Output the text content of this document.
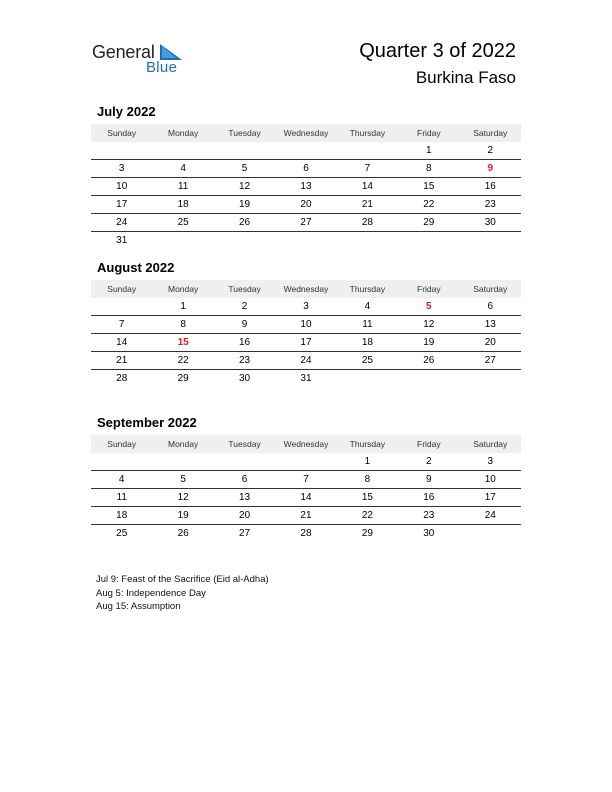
General
Blue
Quarter 3 of 2022
Burkina Faso
July 2022
Sunday	Monday	Tuesday	Wednesday	Thursday	Friday	Saturday
					1	2
3	4	5	6	7	8	9
10	11	12	13	14	15	16
17	18	19	20	21	22	23
24	25	26	27	28	29	30
31						
August 2022
Sunday	Monday	Tuesday	Wednesday	Thursday	Friday	Saturday
	1	2	3	4	5	6
7	8	9	10	11	12	13
14	15	16	17	18	19	20
21	22	23	24	25	26	27
28	29	30	31			
September 2022
Sunday	Monday	Tuesday	Wednesday	Thursday	Friday	Saturday
				1	2	3
4	5	6	7	8	9	10
11	12	13	14	15	16	17
18	19	20	21	22	23	24
25	26	27	28	29	30	
Jul 9: Feast of the Sacrifice (Eid al-Adha)
Aug 5: Independence Day
Aug 15: Assumption
